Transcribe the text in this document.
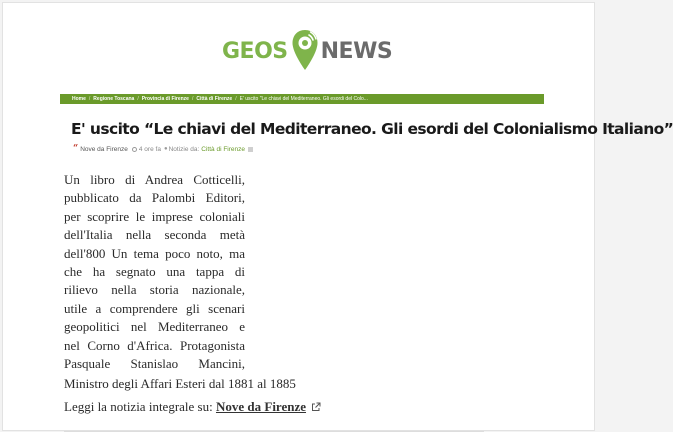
GEOS NEWS
Home / Regione Toscana / Provincia di Firenze / Città di Firenze / E' uscito "Le chiavi del Mediterraneo. Gli esordi del Colo...
E' uscito “Le chiavi del Mediterraneo. Gli esordi del Colonialismo Italiano”
“ Nove da Firenze 4 ore fa ● Notizie da: Città di Firenze

Un libro di Andrea Cotticelli,
pubblicato da Palombi Editori,
per scoprire le imprese coloniali
dell'Italia nella seconda metà
dell'800 Un tema poco noto, ma
che ha segnato una tappa di
rilievo nella storia nazionale,
utile a comprendere gli scenari
geopolitici nel Mediterraneo e
nel Corno d'Africa. Protagonista
Pasquale Stanislao Mancini,

Ministro degli Affari Esteri dal 1881 al 1885

Leggi la notizia integrale su: Nove da Firenze
